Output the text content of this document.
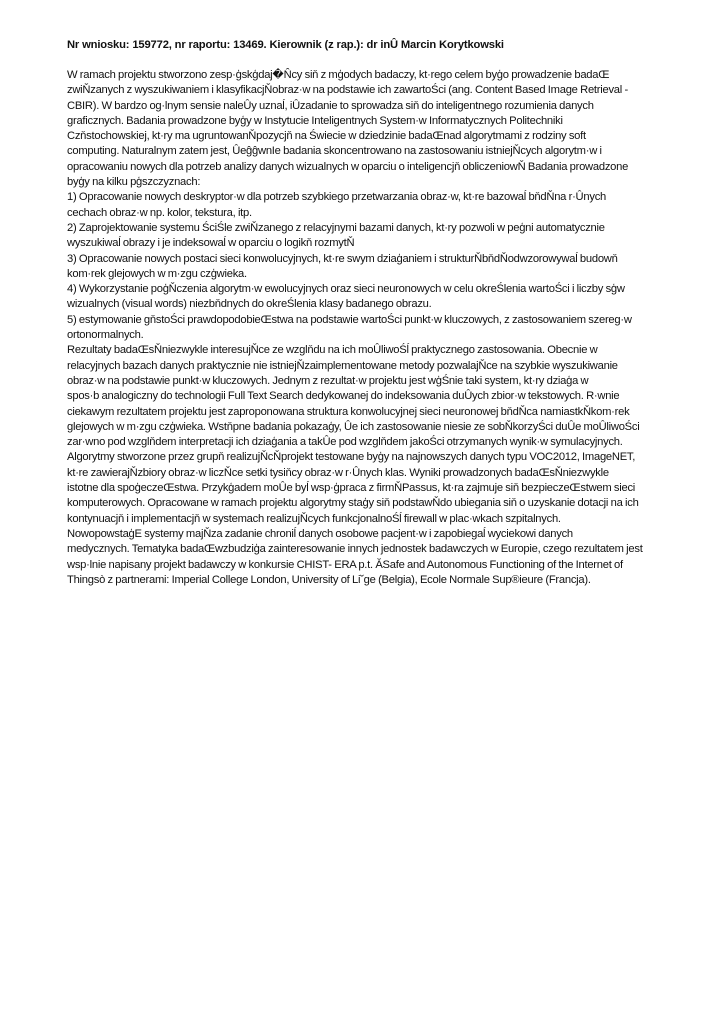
Nr wniosku: 159772, nr raportu: 13469. Kierownik (z rap.): dr inÛ Marcin Korytkowski
W ramach projektu stworzono zesp·ģskģdaj�N̂cy siň z mģodych badaczy, kt·rego celem byģo prowadzenie badaŒ
zwiŇzanych z wyszukiwaniem i klasyfikacjŇobraz·w na podstawie ich zawartoŚci (ang. Content Based Image Retrieval -
CBIR). W bardzo og·lnym sensie naleÛy uznaĺ, iÛzadanie to sprowadza siň do inteligentnego rozumienia danych
graficznych. Badania prowadzone byģy w Instytucie Inteligentnych System·w Informatycznych Politechniki
Czňstochowskiej, kt·ry ma ugruntowanŇpozycjň na Świecie w dziedzinie badaŒnad algorytmami z rodziny soft
computing. Naturalnym zatem jest, ÛeĝĝwnIe badania skoncentrowano na zastosowaniu istniejŇcych algorytm·w i
opracowaniu nowych dla potrzeb analizy danych wizualnych w oparciu o inteligencjň obliczeniowŇ Badania prowadzone
byģy na kilku pģszczyznach:
1) Opracowanie nowych deskryptor·w dla potrzeb szybkiego przetwarzania obraz·w, kt·re bazowaĺ bňdŇna r·Ûnych
cechach obraz·w np. kolor, tekstura, itp.
2) Zaprojektowanie systemu ŚciŚle zwiŇzanego z relacyjnymi bazami danych, kt·ry pozwoli w peģni automatycznie
wyszukiwaĺ obrazy i je indeksowaĺ w oparciu o logikň rozmytŇ
3) Opracowanie nowych postaci sieci konwolucyjnych, kt·re swym dziaģaniem i strukturŇbňdŇodwzorowywaĺ budowň
kom·rek glejowych w m·zgu czģwieka.
4) Wykorzystanie poģŇczenia algorytm·w ewolucyjnych oraz sieci neuronowych w celu okreŚlenia wartoŚci i liczby sģw
wizualnych (visual words) niezbňdnych do okreŚlenia klasy badanego obrazu.
5) estymowanie gňstoŚci prawdopodobieŒstwa na podstawie wartoŚci punkt·w kluczowych, z zastosowaniem szereg·w
ortonormalnych.
Rezultaty badaŒsŇniezwykle interesujŇce ze wzglňdu na ich moÛliwoŚĺ praktycznego zastosowania. Obecnie w
relacyjnych bazach danych praktycznie nie istniejŇzaimplementowane metody pozwalajŇce na szybkie wyszukiwanie
obraz·w na podstawie punkt·w kluczowych. Jednym z rezultat·w projektu jest wģŚnie taki system, kt·ry dziaģa w
spos·b analogiczny do technologii Full Text Search dedykowanej do indeksowania duÛych zbior·w tekstowych. R·wnie
ciekawym rezultatem projektu jest zaproponowana struktura konwolucyjnej sieci neuronowej bňdŇca namiastkŇkom·rek
glejowych w m·zgu czģwieka. Wstňpne badania pokazaģy, Ûe ich zastosowanie niesie ze sobŇkorzyŚci duÛe moÛliwoŚci
zar·wno pod wzglňdem interpretacji ich dziaģania a takÛe pod wzglňdem jakoŚci otrzymanych wynik·w symulacyjnych.
Algorytmy stworzone przez grupň realizujŇcŇprojekt testowane byģy na najnowszych danych typu VOC2012, ImageNET,
kt·re zawierajŇzbiory obraz·w liczŇce setki tysiňcy obraz·w r·Ûnych klas. Wyniki prowadzonych badaŒsŇniezwykle
istotne dla spoģeczeŒstwa. Przykģadem moÛe byĺ wsp·ģpraca z firmŇPassus, kt·ra zajmuje siň bezpieczeŒstwem sieci
komputerowych. Opracowane w ramach projektu algorytmy staģy siň podstawŇdo ubiegania siň o uzyskanie dotacji na ich
kontynuacjň i implementacjň w systemach realizujŇcych funkcjonalnoŚĺ firewall w plac·wkach szpitalnych.
NowopowstaģE systemy majŇza zadanie chroniĺ danych osobowe pacjent·w i zapobiegaĺ wyciekowi danych
medycznych. Tematyka badaŒwzbudziģa zainteresowanie innych jednostek badawczych w Europie, czego rezultatem jest
wsp·lnie napisany projekt badawczy w konkursie CHIST- ERA p.t. ĂSafe and Autonomous Functioning of the Internet of
Thingsò z partnerami: Imperial College London, University of Li˘ge (Belgia), Ecole Normale Sup®ieure (Francja).
